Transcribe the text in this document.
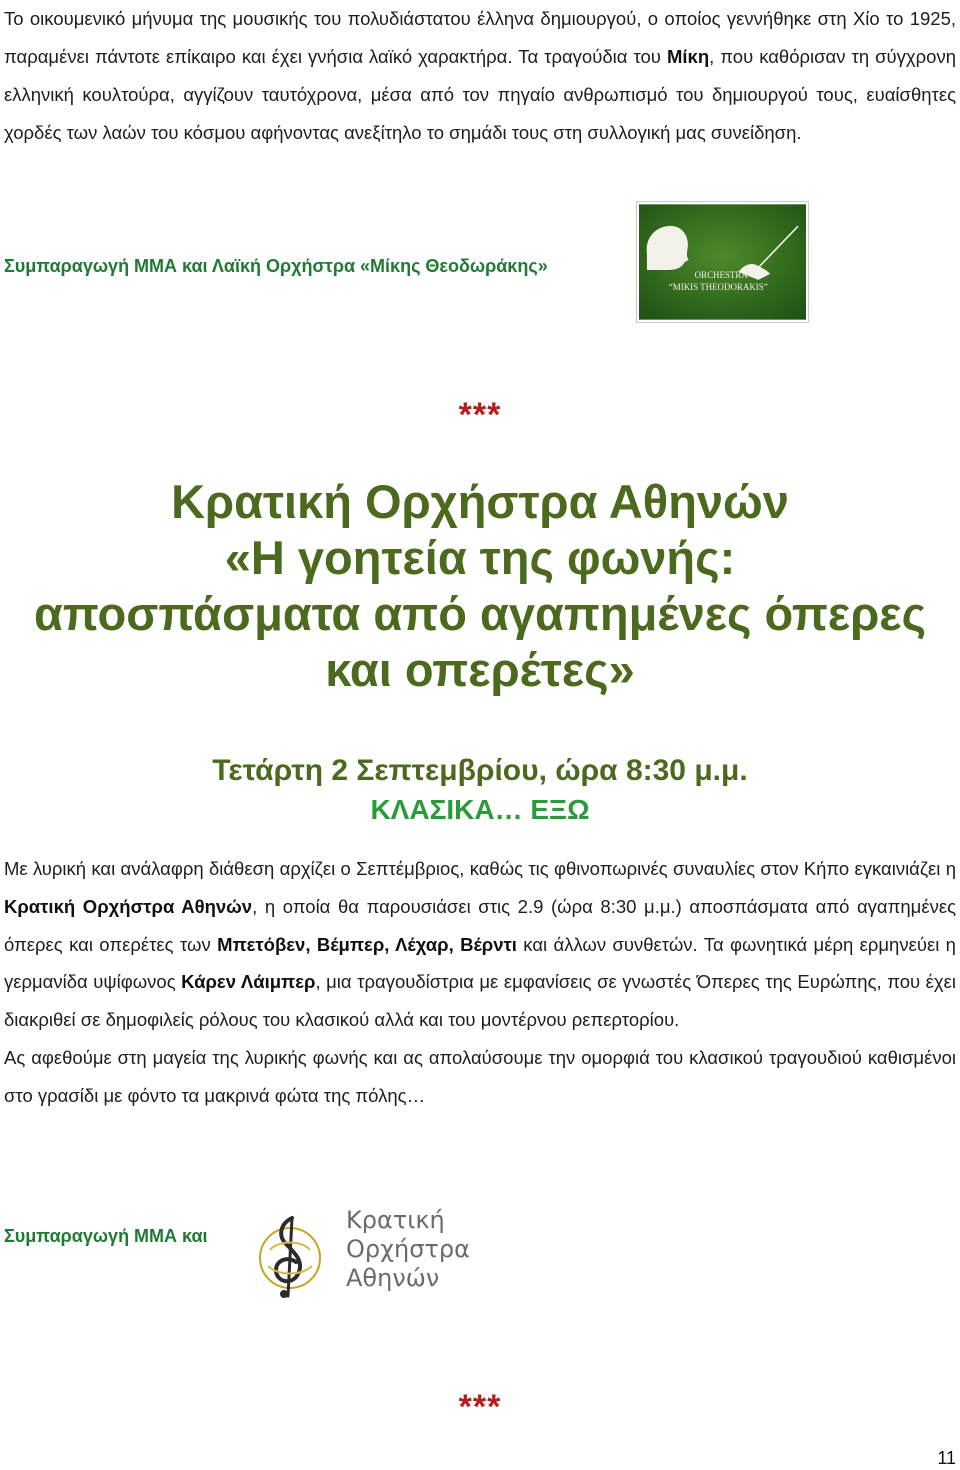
Το οικουμενικό μήνυμα της μουσικής του πολυδιάστατου έλληνα δημιουργού, ο οποίος γεννήθηκε στη Χίο το 1925, παραμένει πάντοτε επίκαιρο και έχει γνήσια λαϊκό χαρακτήρα. Τα τραγούδια του Μίκη, που καθόρισαν τη σύγχρονη ελληνική κουλτούρα, αγγίζουν ταυτόχρονα, μέσα από τον πηγαίο ανθρωπισμό του δημιουργού τους, ευαίσθητες χορδές των λαών του κόσμου αφήνοντας ανεξίτηλο το σημάδι τους στη συλλογική μας συνείδηση.
Συμπαραγωγή ΜΜΑ και Λαϊκή Ορχήστρα «Μίκης Θεοδωράκης»	ORCHESTRA
“MIKIS THEODORAKIS”
***
Κρατική Ορχήστρα Αθηνών
«Η γοητεία της φωνής:
αποσπάσματα από αγαπημένες όπερες
και οπερέτες»
Τετάρτη 2 Σεπτεμβρίου, ώρα 8:30 μ.μ.
ΚΛΑΣΙΚΑ… ΕΞΩ

Με λυρική και ανάλαφρη διάθεση αρχίζει ο Σεπτέμβριος, καθώς τις φθινοπωρινές συναυλίες στον Κήπο εγκαινιάζει η Κρατική Ορχήστρα Αθηνών, η οποία θα παρουσιάσει στις 2.9 (ώρα 8:30 μ.μ.) αποσπάσματα από αγαπημένες όπερες και οπερέτες των Μπετόβεν, Βέμπερ, Λέχαρ, Βέρντι και άλλων συνθετών. Τα φωνητικά μέρη ερμηνεύει η γερμανίδα υψίφωνος Κάρεν Λάιμπερ, μια τραγουδίστρια με εμφανίσεις σε γνωστές Όπερες της Ευρώπης, που έχει διακριθεί σε δημοφιλείς ρόλους του κλασικού αλλά και του μοντέρνου ρεπερτορίου.

Ας αφεθούμε στη μαγεία της λυρικής φωνής και ας απολαύσουμε την ομορφιά του κλασικού τραγουδιού καθισμένοι στο γρασίδι με φόντο τα μακρινά φώτα της πόλης…

Συμπαραγωγή ΜΜΑ και
Κρατική
Ορχήστρα
Αθηνών
***
11
